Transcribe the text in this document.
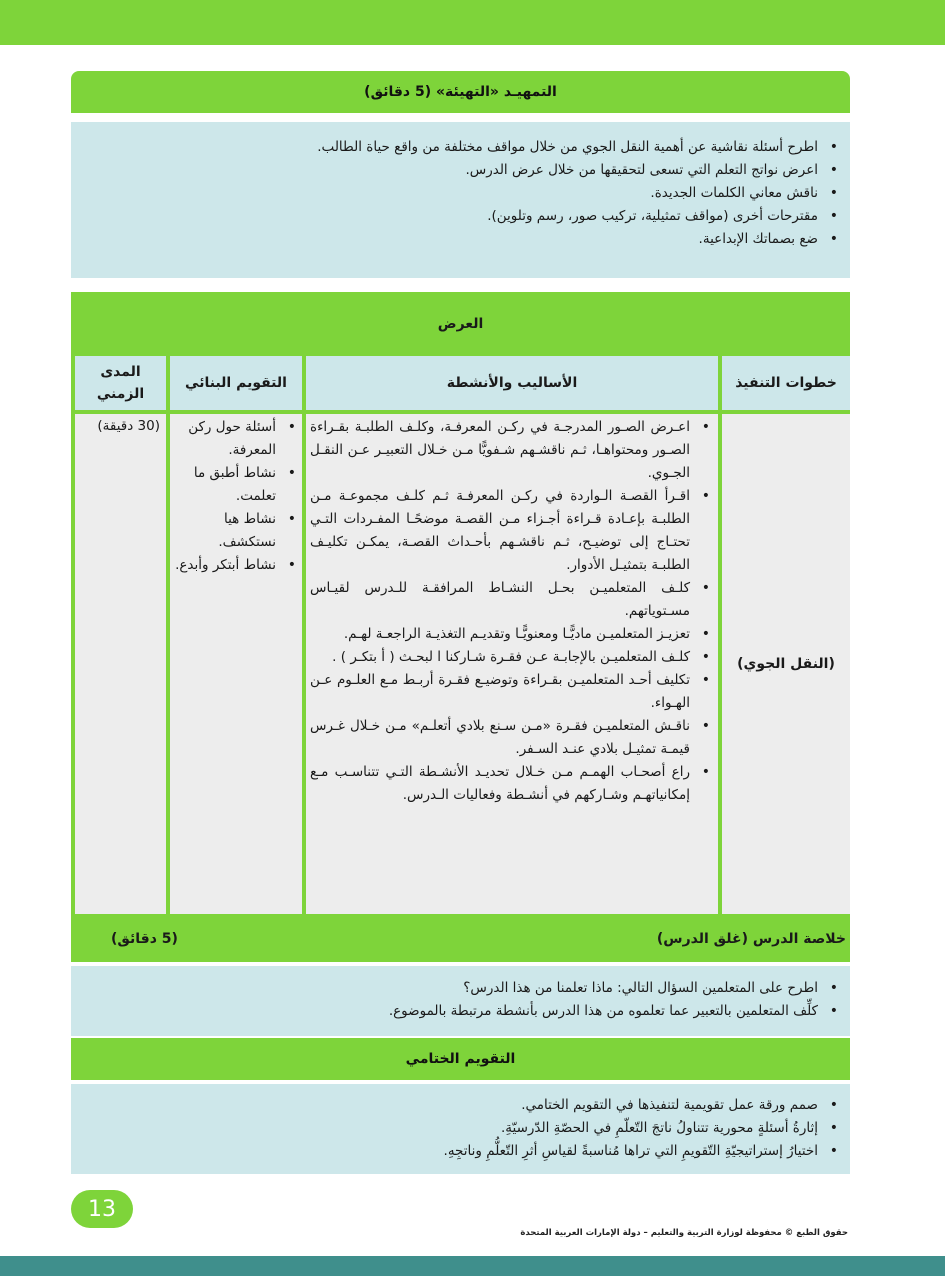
التمهيـد «التهيئة» (5 دقائق)
• اطرح أسئلة نقاشية عن أهمية النقل الجوي من خلال مواقف مختلفة من واقع حياة الطالب.
• اعرض نواتج التعلم التي تسعى لتحقيقها من خلال عرض الدرس.
• ناقش معاني الكلمات الجديدة.
• مقترحات أخرى (مواقف تمثيلية، تركيب صور، رسم وتلوين).
• ضع بصماتك الإبداعية.
العرض
خطوات التنفيذ
الأساليب والأنشطة
التقويم البنائي
المدى الزمني
(النقل الجوي)
• اعـرض الصـور المدرجـة في ركـن المعرفـة، وكلـف الطلبـة بقـراءة الصـور ومحتواهـا، ثـم ناقشـهم شـفويًّا مـن خـلال التعبيـر عـن النقـل الجـوي.
• اقـرأ القصـة الـواردة في ركـن المعرفـة ثـم كلـف مجموعـة مـن الطلبـة بإعـادة قـراءة أجـزاء مـن القصـة موضحًـا المفـردات التـي تحتـاج إلى توضيـح، ثـم ناقشـهم بأحـداث القصـة، يمكـن تكليـف الطلبـة بتمثيـل الأدوار.
• كلـف المتعلميـن بحـل النشـاط المرافقـة للـدرس لقيـاس مسـتوياتهم.
• تعزيـز المتعلميـن ماديًّـا ومعنويًّـا وتقديـم التغذيـة الراجعـة لهـم.
• كلـف المتعلميـن بالإجابـة عـن فقـرة شـاركنا ا لبحـث ( أ بتكـر ) .
• تكليف أحـد المتعلميـن بقـراءة وتوضيـع فقـرة أربـط مـع العلـوم عـن الهـواء.
• ناقـش المتعلميـن فقـرة «مـن سـنع بلادي أتعلـم» مـن خـلال غـرس قيمـة تمثيـل بلادي عنـد السـفر.
• راع أصحـاب الهمـم مـن خـلال تحديـد الأنشـطة التـي تتناسـب مـع إمكانياتهـم وشـاركهم في أنشـطة وفعاليات الـدرس.
• أسئلة حول ركن المعرفة.
• نشاط أطبق ما تعلمت.
• نشاط هيا نستكشف.
• نشاط أبتكر وأبدع.
(30 دقيقة)
خلاصة الدرس (غلق الدرس)
(5 دقائق)
• اطرح على المتعلمين السؤال التالي: ماذا تعلمنا من هذا الدرس؟
• كلِّف المتعلمين بالتعبير عما تعلموه من هذا الدرس بأنشطة مرتبطة بالموضوع.
التقويم الختامي
• صمم ورقة عمل تقويمية لتنفيذها في التقويم الختامي.
• إثارةُ أسئلةٍ محورية تتناولُ ناتجَ التّعلّمِ في الحصّةِ الدّرسيّةِ.
• اختيارُ إستراتيجيّةِ التّقويمِ التي تراها مُناسبةً لقياسِ أثرِ التّعلُّمِ وناتجِهِ.
13
حقوق الطبع © محفوظة لوزارة التربية والتعليم – دولة الإمارات العربية المتحدة
